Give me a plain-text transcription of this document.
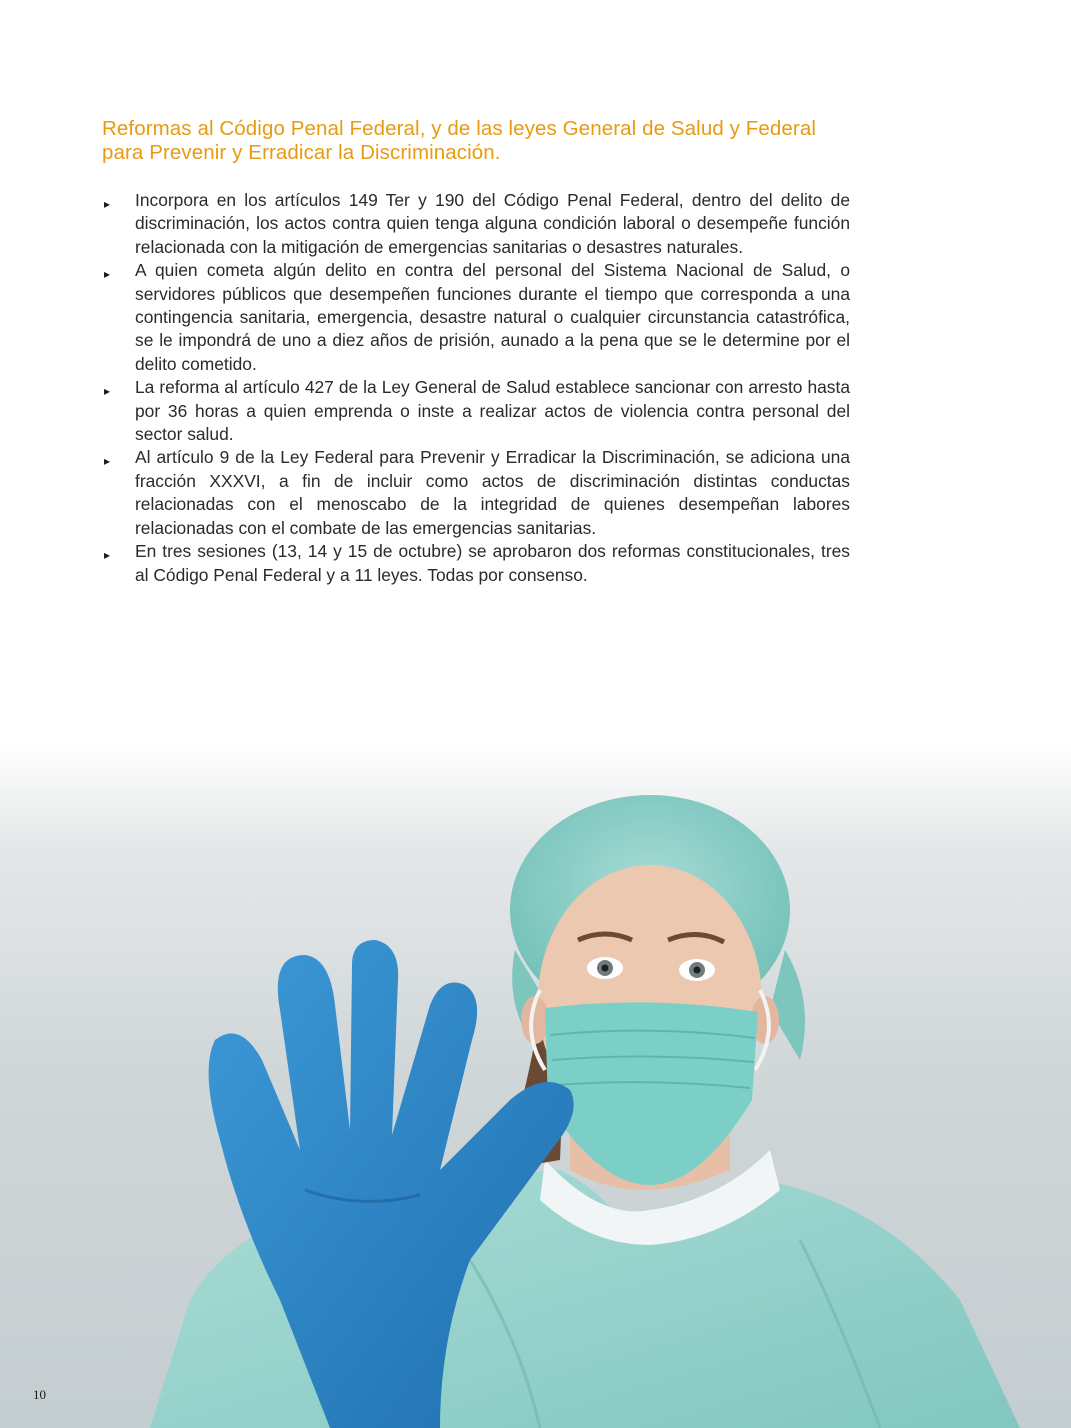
Reformas al Código Penal Federal, y de las leyes General de Salud y Federal para Prevenir y Erradicar la Discriminación.
▸ Incorpora en los artículos 149 Ter y 190 del Código Penal Federal, dentro del delito de discriminación, los actos contra quien tenga alguna condición laboral o desempeñe función relacionada con la mitigación de emergencias sanitarias o desastres naturales.
▸ A quien cometa algún delito en contra del personal del Sistema Nacional de Salud, o servidores públicos que desempeñen funciones durante el tiempo que corresponda a una contingencia sanitaria, emergencia, desastre natural o cualquier circunstancia catastrófica, se le impondrá de uno a diez años de prisión, aunado a la pena que se le determine por el delito cometido.
▸ La reforma al artículo 427 de la Ley General de Salud establece sancionar con arresto hasta por 36 horas a quien emprenda o inste a realizar actos de violencia contra personal del sector salud.
▸ Al artículo 9 de la Ley Federal para Prevenir y Erradicar la Discriminación, se adiciona una fracción XXXVI, a fin de incluir como actos de discriminación distintas conductas relacionadas con el menoscabo de la integridad de quienes desempeñan labores relacionadas con el combate de las emergencias sanitarias.
▸ En tres sesiones (13, 14 y 15 de octubre) se aprobaron dos reformas constitucionales, tres al Código Penal Federal y a 11 leyes. Todas por consenso.
10
